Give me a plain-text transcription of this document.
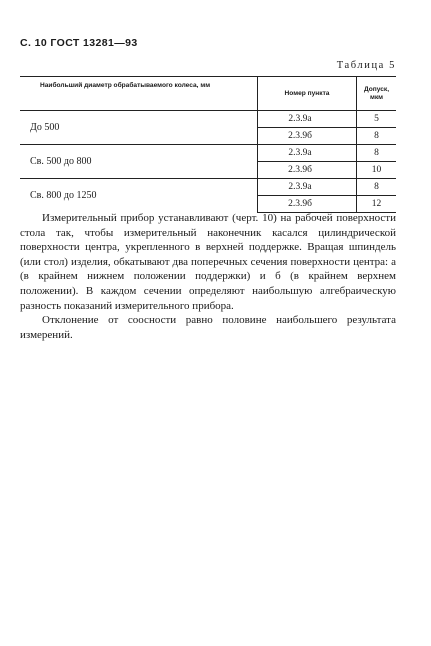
С. 10 ГОСТ 13281—93
Таблица 5
Наибольший диаметр обрабатываемого колеса, мм	Номер пункта	Допуск, мкм
До 500	2.3.9а	5
	2.3.9б	8
Св. 500 до 800	2.3.9а	8
	2.3.9б	10
Св. 800 до 1250	2.3.9а	8
	2.3.9б	12

Измерительный прибор устанавливают (черт. 10) на рабочей поверхности стола так, чтобы измерительный наконечник касался цилиндрической поверхности центра, укрепленного в верхней поддержке. Вращая шпиндель (или стол) изделия, обкатывают два поперечных сечения поверхности центра: а (в крайнем нижнем положении поддержки) и б (в крайнем верхнем положении). В каждом сечении определяют наибольшую алгебраическую разность показаний измерительного прибора.

Отклонение от соосности равно половине наибольшего результата измерений.
